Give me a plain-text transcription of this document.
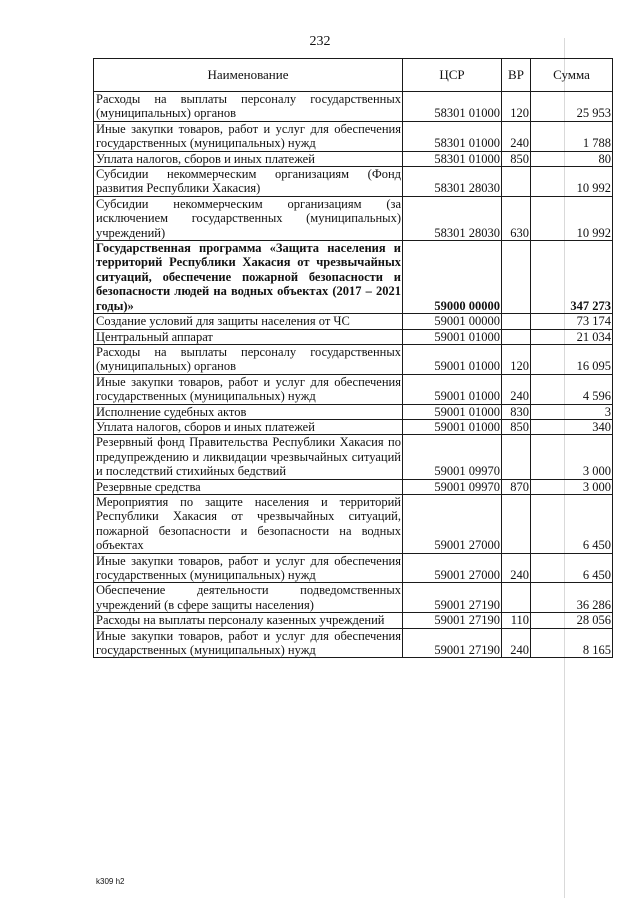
232
Наименование	ЦСР	ВР	Сумма
Расходы на выплаты персоналу государственных (муниципальных) органов	58301 01000	120	25 953
Иные закупки товаров, работ и услуг для обеспечения государственных (муниципальных) нужд	58301 01000	240	1 788
Уплата налогов, сборов и иных платежей	58301 01000	850	80
Субсидии некоммерческим организациям (Фонд развития Республики Хакасия)	58301 28030		10 992
Субсидии некоммерческим организациям (за исключением государственных (муниципальных) учреждений)	58301 28030	630	10 992
Государственная программа «Защита населения и территорий Республики Хакасия от чрезвычайных ситуаций, обеспечение пожарной безопасности и безопасности людей на водных объектах (2017 – 2021 годы)»	59000 00000		347 273
Создание условий для защиты населения от ЧС	59001 00000		73 174
Центральный аппарат	59001 01000		21 034
Расходы на выплаты персоналу государственных (муниципальных) органов	59001 01000	120	16 095
Иные закупки товаров, работ и услуг для обеспечения государственных (муниципальных) нужд	59001 01000	240	4 596
Исполнение судебных актов	59001 01000	830	3
Уплата налогов, сборов и иных платежей	59001 01000	850	340
Резервный фонд Правительства Республики Хакасия по предупреждению и ликвидации чрезвычайных ситуаций и последствий стихийных бедствий	59001 09970		3 000
Резервные средства	59001 09970	870	3 000
Мероприятия по защите населения и территорий Республики Хакасия от чрезвычайных ситуаций, пожарной безопасности и безопасности на водных объектах	59001 27000		6 450
Иные закупки товаров, работ и услуг для обеспечения государственных (муниципальных) нужд	59001 27000	240	6 450
Обеспечение деятельности подведомственных учреждений (в сфере защиты населения)	59001 27190		36 286
Расходы на выплаты персоналу казенных учреждений	59001 27190	110	28 056
Иные закупки товаров, работ и услуг для обеспечения государственных (муниципальных) нужд	59001 27190	240	8 165
k309 h2
